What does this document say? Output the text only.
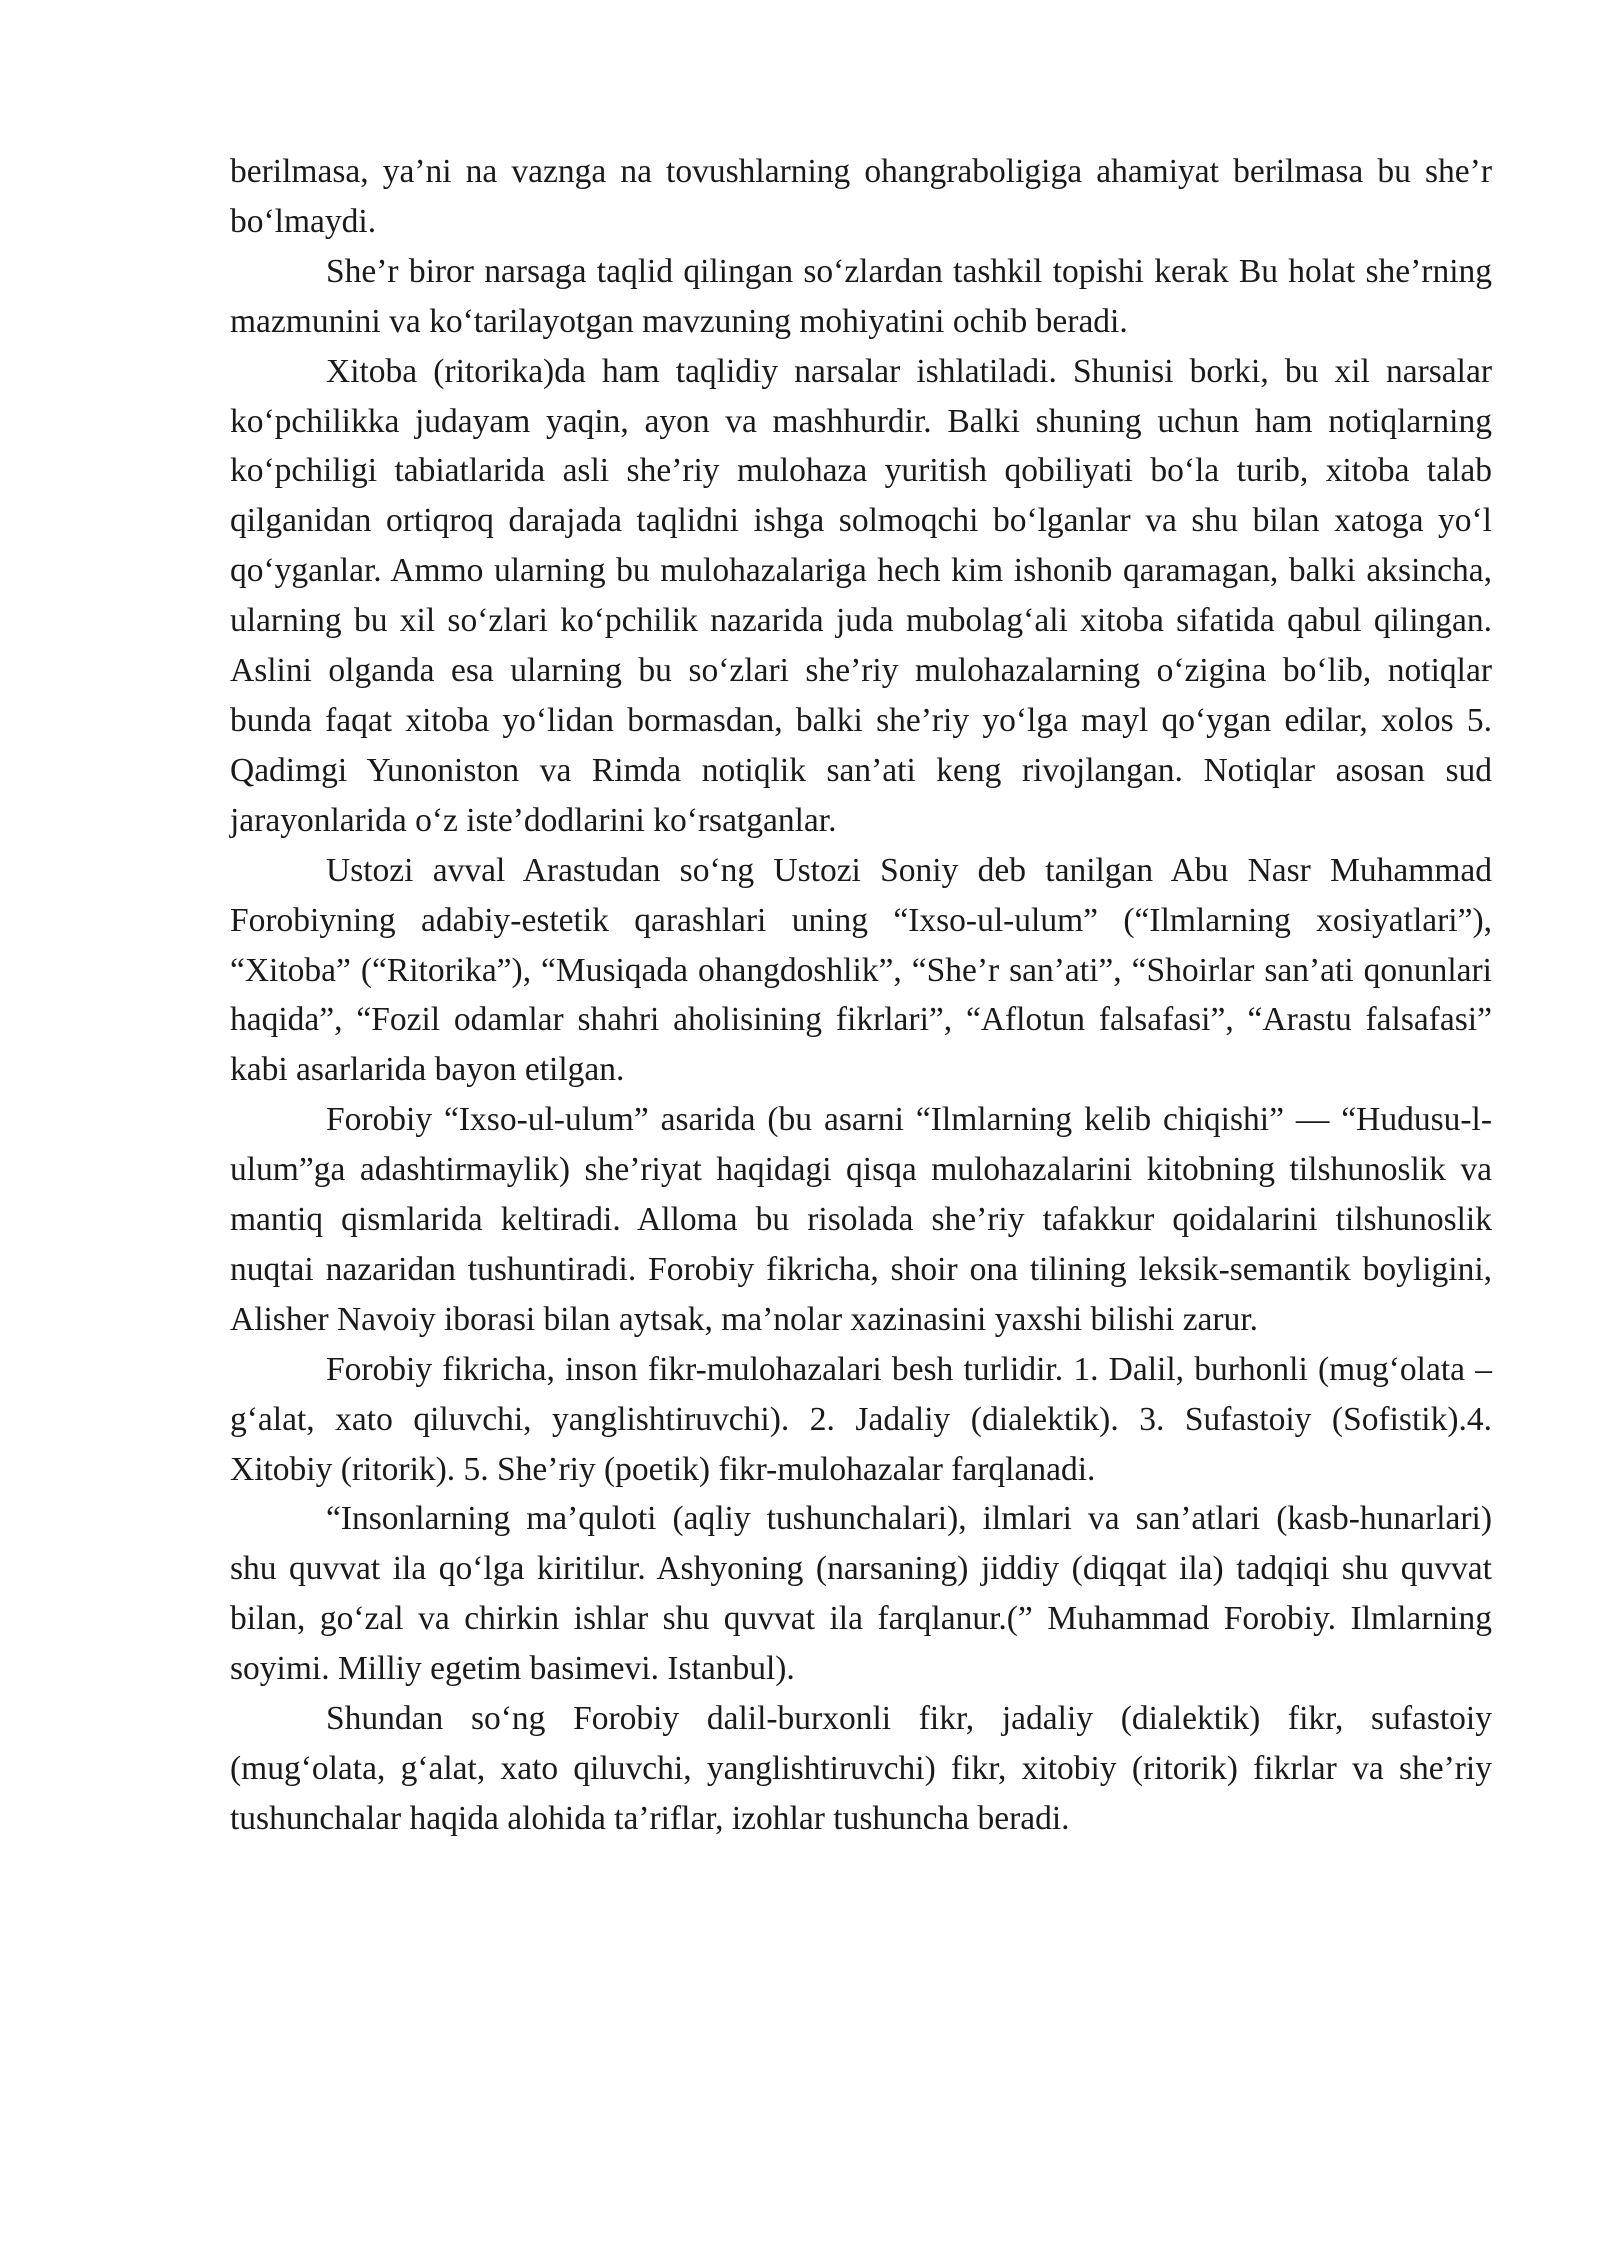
berilmasa, ya’ni na vaznga na tovushlarning ohangraboligiga ahamiyat berilmasa bu she’r bo‘lmaydi.

She’r biror narsaga taqlid qilingan so‘zlardan tashkil topishi kerak Bu holat she’rning mazmunini va ko‘tarilayotgan mavzuning mohiyatini ochib beradi.

Xitoba (ritorika)da ham taqlidiy narsalar ishlatiladi. Shunisi borki, bu xil narsalar ko‘pchilikka judayam yaqin, ayon va mashhurdir. Balki shuning uchun ham notiqlarning ko‘pchiligi tabiatlarida asli she’riy mulohaza yuritish qobiliyati bo‘la turib, xitoba talab qilganidan ortiqroq darajada taqlidni ishga solmoqchi bo‘lganlar va shu bilan xatoga yo‘l qo‘yganlar. Ammo ularning bu mulohazalariga hech kim ishonib qaramagan, balki aksincha, ularning bu xil so‘zlari ko‘pchilik nazarida juda mubolag‘ali xitoba sifatida qabul qilingan. Aslini olganda esa ularning bu so‘zlari she’riy mulohazalarning o‘zigina bo‘lib, notiqlar bunda faqat xitoba yo‘lidan bormasdan, balki she’riy yo‘lga mayl qo‘ygan edilar, xolos 5. Qadimgi Yunoniston va Rimda notiqlik san’ati keng rivojlangan. Notiqlar asosan sud jarayonlarida o‘z iste’dodlarini ko‘rsatganlar.

Ustozi avval Arastudan so‘ng Ustozi Soniy deb tanilgan Abu Nasr Muhammad Forobiyning adabiy-estetik qarashlari uning “Ixso-ul-ulum” (“Ilmlarning xosiyatlari”), “Xitoba” (“Ritorika”), “Musiqada ohangdoshlik”, “She’r san’ati”, “Shoirlar san’ati qonunlari haqida”, “Fozil odamlar shahri aholisining fikrlari”, “Aflotun falsafasi”, “Arastu falsafasi” kabi asarlarida bayon etilgan.

Forobiy “Ixso-ul-ulum” asarida (bu asarni “Ilmlarning kelib chiqishi” — “Hudusu-l-ulum”ga adashtirmaylik) she’riyat haqidagi qisqa mulohazalarini kitobning tilshunoslik va mantiq qismlarida keltiradi. Alloma bu risolada she’riy tafakkur qoidalarini tilshunoslik nuqtai nazaridan tushuntiradi. Forobiy fikricha, shoir ona tilining leksik-semantik boyligini, Alisher Navoiy iborasi bilan aytsak, ma’nolar xazinasini yaxshi bilishi zarur.

Forobiy fikricha, inson fikr-mulohazalari besh turlidir. 1. Dalil, burhonli (mug‘olata – g‘alat, xato qiluvchi, yanglishtiruvchi). 2. Jadaliy (dialektik). 3. Sufastoiy (Sofistik).4. Xitobiy (ritorik). 5. She’riy (poetik) fikr-mulohazalar farqlanadi.

“Insonlarning ma’quloti (aqliy tushunchalari), ilmlari va san’atlari (kasb-hunarlari) shu quvvat ila qo‘lga kiritilur. Ashyoning (narsaning) jiddiy (diqqat ila) tadqiqi shu quvvat bilan, go‘zal va chirkin ishlar shu quvvat ila farqlanur.(” Muhammad Forobiy. Ilmlarning soyimi. Milliy egetim basimevi. Istanbul).

Shundan so‘ng Forobiy dalil-burxonli fikr, jadaliy (dialektik) fikr, sufastoiy (mug‘olata, g‘alat, xato qiluvchi, yanglishtiruvchi) fikr, xitobiy (ritorik) fikrlar va she’riy tushunchalar haqida alohida ta’riflar, izohlar tushuncha beradi.
